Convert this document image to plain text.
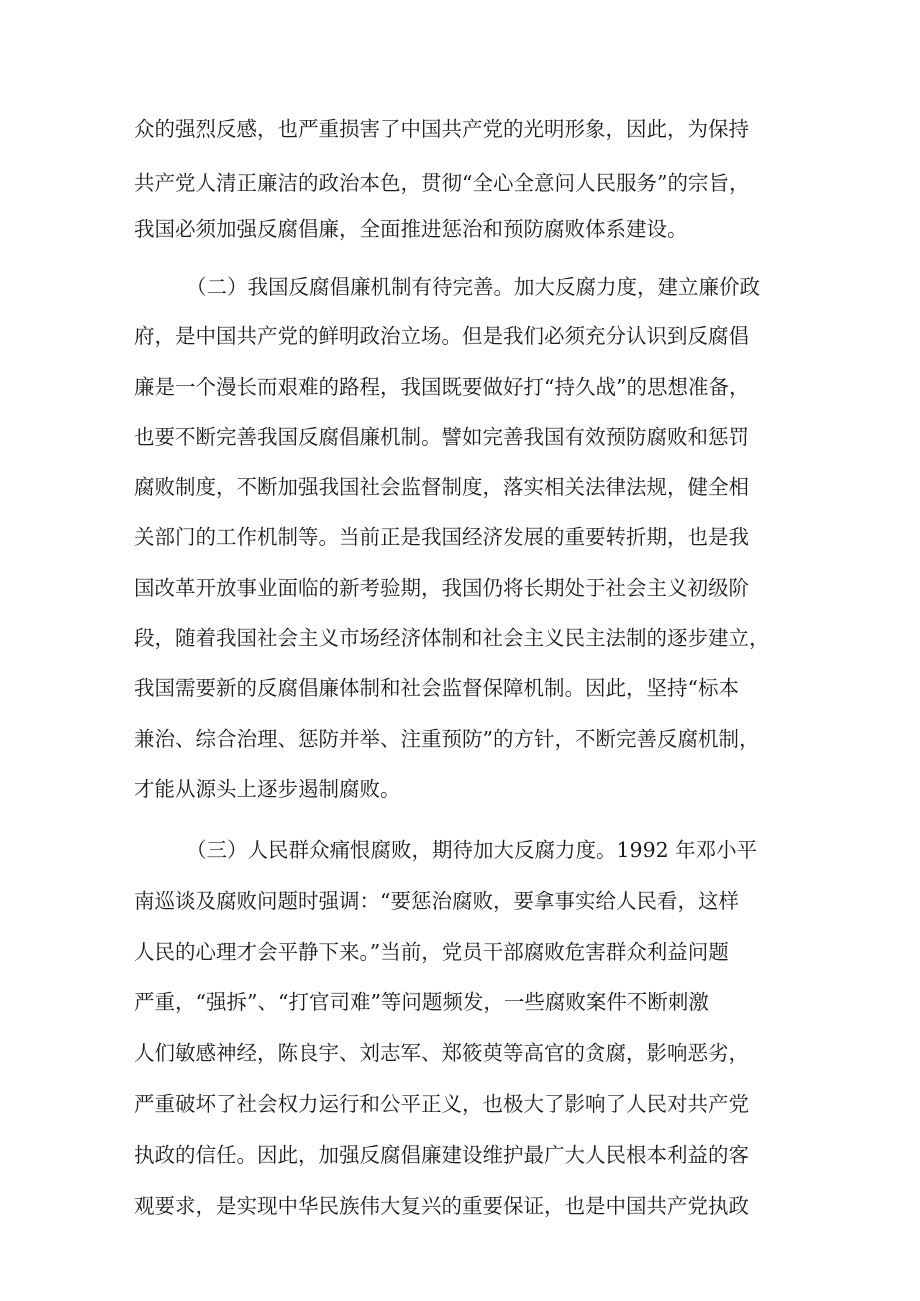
众的强烈反感，也严重损害了中国共产党的光明形象，因此，为保持
共产党人清正廉洁的政治本色，贯彻“全心全意问人民服务”的宗旨，
我国必须加强反腐倡廉，全面推进惩治和预防腐败体系建设。
（二）我国反腐倡廉机制有待完善。加大反腐力度，建立廉价政
府，是中国共产党的鲜明政治立场。但是我们必须充分认识到反腐倡
廉是一个漫长而艰难的路程，我国既要做好打“持久战”的思想准备，
也要不断完善我国反腐倡廉机制。譬如完善我国有效预防腐败和惩罚
腐败制度，不断加强我国社会监督制度，落实相关法律法规，健全相
关部门的工作机制等。当前正是我国经济发展的重要转折期，也是我
国改革开放事业面临的新考验期，我国仍将长期处于社会主义初级阶
段，随着我国社会主义市场经济体制和社会主义民主法制的逐步建立，
我国需要新的反腐倡廉体制和社会监督保障机制。因此，坚持“标本
兼治、综合治理、惩防并举、注重预防”的方针，不断完善反腐机制，
才能从源头上逐步遏制腐败。
（三）人民群众痛恨腐败，期待加大反腐力度。1992 年邓小平
南巡谈及腐败问题时强调：“要惩治腐败，要拿事实给人民看，这样
人民的心理才会平静下来。”当前，党员干部腐败危害群众利益问题
严重，“强拆”、“打官司难”等问题频发，一些腐败案件不断刺激
人们敏感神经，陈良宇、刘志军、郑筱萸等高官的贪腐，影响恶劣，
严重破坏了社会权力运行和公平正义，也极大了影响了人民对共产党
执政的信任。因此，加强反腐倡廉建设维护最广大人民根本利益的客
观要求，是实现中华民族伟大复兴的重要保证，也是中国共产党执政
